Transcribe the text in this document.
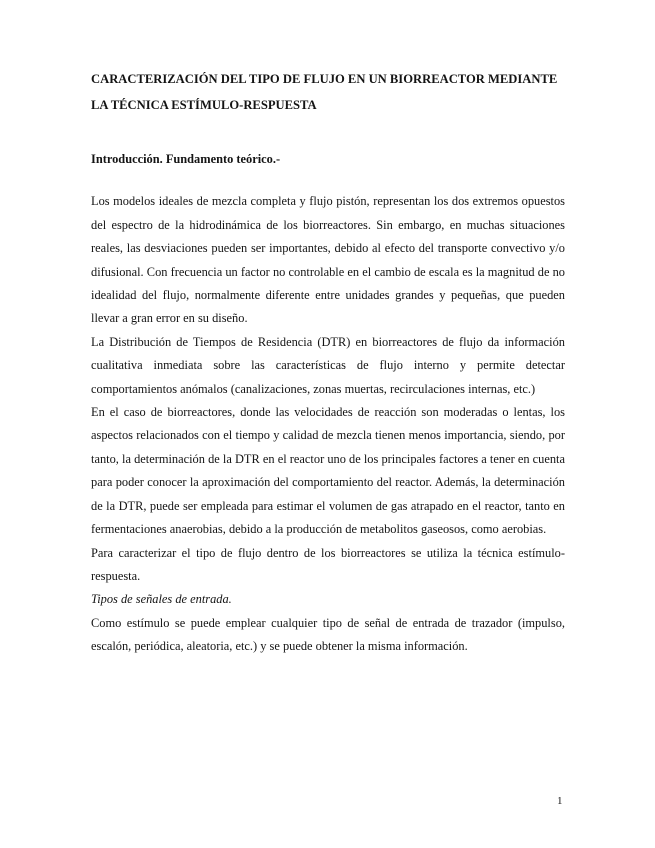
CARACTERIZACIÓN DEL TIPO DE FLUJO EN UN BIORREACTOR MEDIANTE LA TÉCNICA ESTÍMULO-RESPUESTA
Introducción. Fundamento teórico.-

Los modelos ideales de mezcla completa y flujo pistón, representan los dos extremos opuestos del espectro de la hidrodinámica de los biorreactores. Sin embargo, en muchas situaciones reales, las desviaciones pueden ser importantes, debido al efecto del transporte convectivo y/o difusional. Con frecuencia un factor no controlable en el cambio de escala es la magnitud de no idealidad del flujo, normalmente diferente entre unidades grandes y pequeñas, que pueden llevar a gran error en su diseño.

La Distribución de Tiempos de Residencia (DTR) en biorreactores de flujo da información cualitativa inmediata sobre las características de flujo interno y permite detectar comportamientos anómalos (canalizaciones, zonas muertas, recirculaciones internas, etc.)

En el caso de biorreactores, donde las velocidades de reacción son moderadas o lentas, los aspectos relacionados con el tiempo y calidad de mezcla tienen menos importancia, siendo, por tanto, la determinación de la DTR en el reactor uno de los principales factores a tener en cuenta para poder conocer la aproximación del comportamiento del reactor. Además, la determinación de la DTR, puede ser empleada para estimar el volumen de gas atrapado en el reactor, tanto en fermentaciones anaerobias, debido a la producción de metabolitos gaseosos, como aerobias.

Para caracterizar el tipo de flujo dentro de los biorreactores se utiliza la técnica estímulo-respuesta.

Tipos de señales de entrada.

Como estímulo se puede emplear cualquier tipo de señal de entrada de trazador (impulso, escalón, periódica, aleatoria, etc.) y se puede obtener la misma información.

1
